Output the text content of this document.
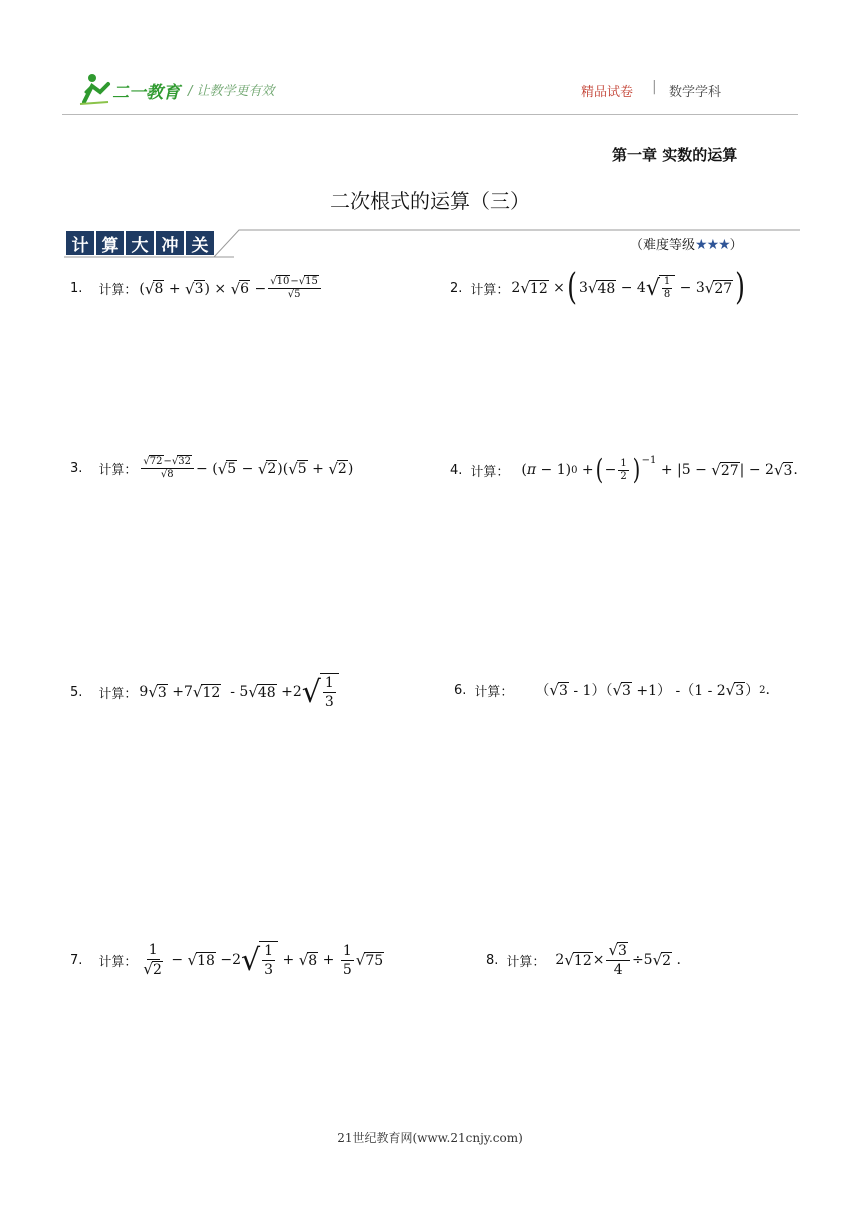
二一教育 / 让教学更有效	精品试卷 | 数学学科
第一章 实数的运算
二次根式的运算（三）
计 算 大 冲 关	（难度等级★★★）
1. 计算： ( √ 8 + √ 3 ) × √ $6 - \frac{√10-√15}{√5}$	2. 计算： 2 √ 12 × ( 3 √ 48 − 4 √ $\frac{1}{8} - 3$ √ 27 )
3. 计算： $\frac{√72-√32}{√8}$ − ( √ 5 − √ 2 )( √ 5 + √ 2 )	4. 计算： ( π − 1) 0 + ( − $\frac{1}{2} )^{-1}$
+ |5 − √ 27 | − 2 √ 3 .
5. 计算： 9 √ 3 +7 √ 12 - 5 √ 48 +2 √ $\frac{1}{3}$	6. 计算： （ √ 3 - 1）（ √ 3 +1） -（1 - 2 √ 3 ） 2 .
7. 计算： $\frac{1}{√2}$ − √ 18 −2 √ $\frac{1}{3}$ + √ $8 + \frac{1}{5}$ √ 75	8. 计算： 2 √ $12 \times \frac{√3}{4} \div 5$ √ 2 .
21世纪教育网(www.21cnjy.com)
